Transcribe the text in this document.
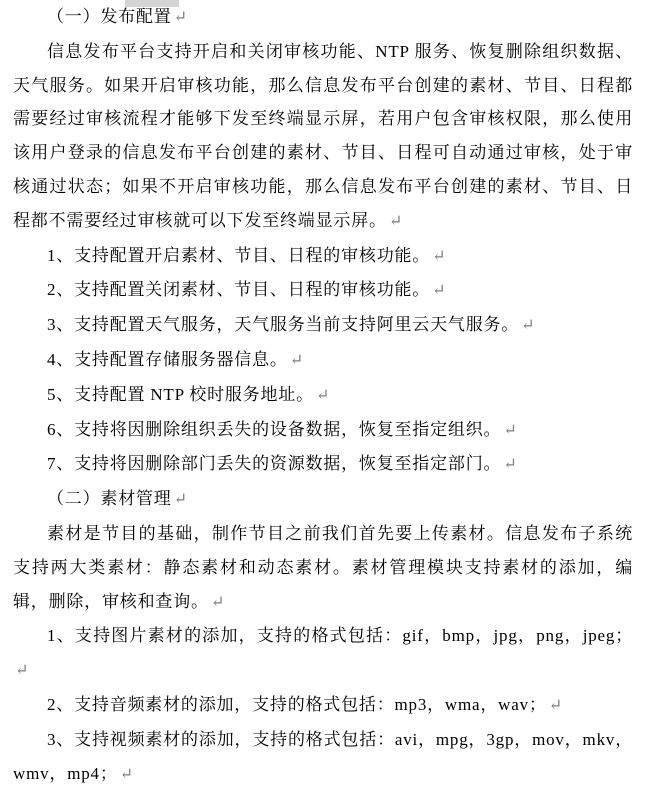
（一）发布配置 ↵

信息发布平台支持开启和关闭审核功能、NTP 服务、恢复删除组织数据、天气服务。如果开启审核功能，那么信息发布平台创建的素材、节目、日程都需要经过审核流程才能够下发至终端显示屏，若用户包含审核权限，那么使用该用户登录的信息发布平台创建的素材、节目、日程可自动通过审核，处于审核通过状态；如果不开启审核功能，那么信息发布平台创建的素材、节目、日程都不需要经过审核就可以下发至终端显示屏。 ↵

1、支持配置开启素材、节目、日程的审核功能。 ↵

2、支持配置关闭素材、节目、日程的审核功能。 ↵

3、支持配置天气服务，天气服务当前支持阿里云天气服务。 ↵

4、支持配置存储服务器信息。 ↵

5、支持配置 NTP 校时服务地址。 ↵

6、支持将因删除组织丢失的设备数据，恢复至指定组织。 ↵

7、支持将因删除部门丢失的资源数据，恢复至指定部门。 ↵

（二）素材管理 ↵

素材是节目的基础，制作节目之前我们首先要上传素材。信息发布子系统支持两大类素材：静态素材和动态素材。素材管理模块支持素材的添加，编辑，删除，审核和查询。 ↵

1、支持图片素材的添加，支持的格式包括：gif，bmp，jpg，png，jpeg；↵

2、支持音频素材的添加，支持的格式包括：mp3，wma，wav； ↵

3、支持视频素材的添加，支持的格式包括：avi，mpg，3gp，mov，mkv，wmv，mp4； ↵
